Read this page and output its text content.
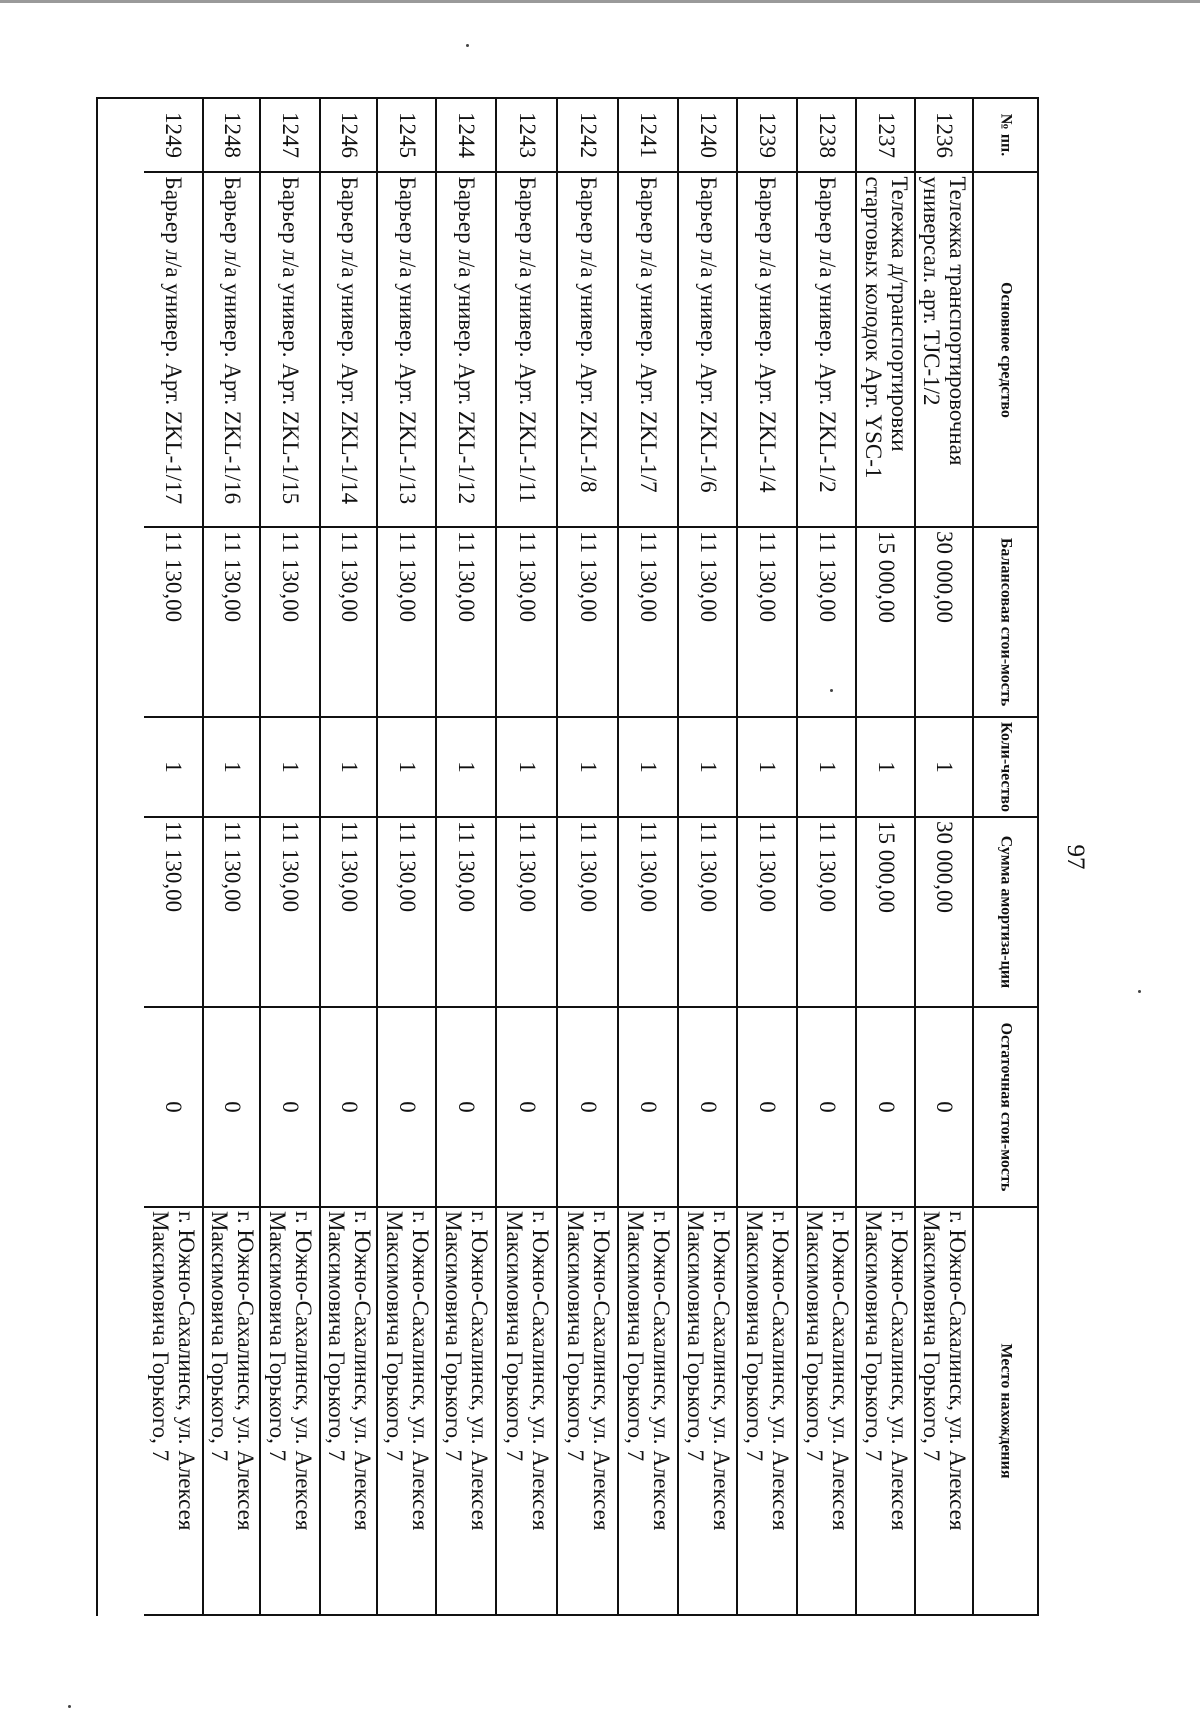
97
№ пп.
Основное средство
Балансовая стои-мость
Коли-чество
Сумма амортиза-ции
Остаточная стои-мость
Место нахождения
1236
Тележка транспортировочная универсал. арт. TJC-1/2
30 000,00
1
30 000,00
0
г. Южно-Сахалинск, ул. Алексея Максимовича Горького, 7
1237
Тележка д/транспортировки стартовых колодок Арт. YSC-1
15 000,00
1
15 000,00
0
г. Южно-Сахалинск, ул. Алексея Максимовича Горького, 7
1238
Барьер л/а универ. Арт. ZKL-1/2
11 130,00
1
11 130,00
0
г. Южно-Сахалинск, ул. Алексея Максимовича Горького, 7
1239
Барьер л/а универ. Арт. ZKL-1/4
11 130,00
1
11 130,00
0
г. Южно-Сахалинск, ул. Алексея Максимовича Горького, 7
1240
Барьер л/а универ. Арт. ZKL-1/6
11 130,00
1
11 130,00
0
г. Южно-Сахалинск, ул. Алексея Максимовича Горького, 7
1241
Барьер л/а универ. Арт. ZKL-1/7
11 130,00
1
11 130,00
0
г. Южно-Сахалинск, ул. Алексея Максимовича Горького, 7
1242
Барьер л/а универ. Арт. ZKL-1/8
11 130,00
1
11 130,00
0
г. Южно-Сахалинск, ул. Алексея Максимовича Горького, 7
1243
Барьер л/а универ. Арт. ZKL-1/11
11 130,00
1
11 130,00
0
г. Южно-Сахалинск, ул. Алексея Максимовича Горького, 7
1244
Барьер л/а универ. Арт. ZKL-1/12
11 130,00
1
11 130,00
0
г. Южно-Сахалинск, ул. Алексея Максимовича Горького, 7
1245
Барьер л/а универ. Арт. ZKL-1/13
11 130,00
1
11 130,00
0
г. Южно-Сахалинск, ул. Алексея Максимовича Горького, 7
1246
Барьер л/а универ. Арт. ZKL-1/14
11 130,00
1
11 130,00
0
г. Южно-Сахалинск, ул. Алексея Максимовича Горького, 7
1247
Барьер л/а универ. Арт. ZKL-1/15
11 130,00
1
11 130,00
0
г. Южно-Сахалинск, ул. Алексея Максимовича Горького, 7
1248
Барьер л/а универ. Арт. ZKL-1/16
11 130,00
1
11 130,00
0
г. Южно-Сахалинск, ул. Алексея Максимовича Горького, 7
1249
Барьер л/а универ. Арт. ZKL-1/17
11 130,00
1
11 130,00
0
г. Южно-Сахалинск, ул. Алексея Максимовича Горького, 7
